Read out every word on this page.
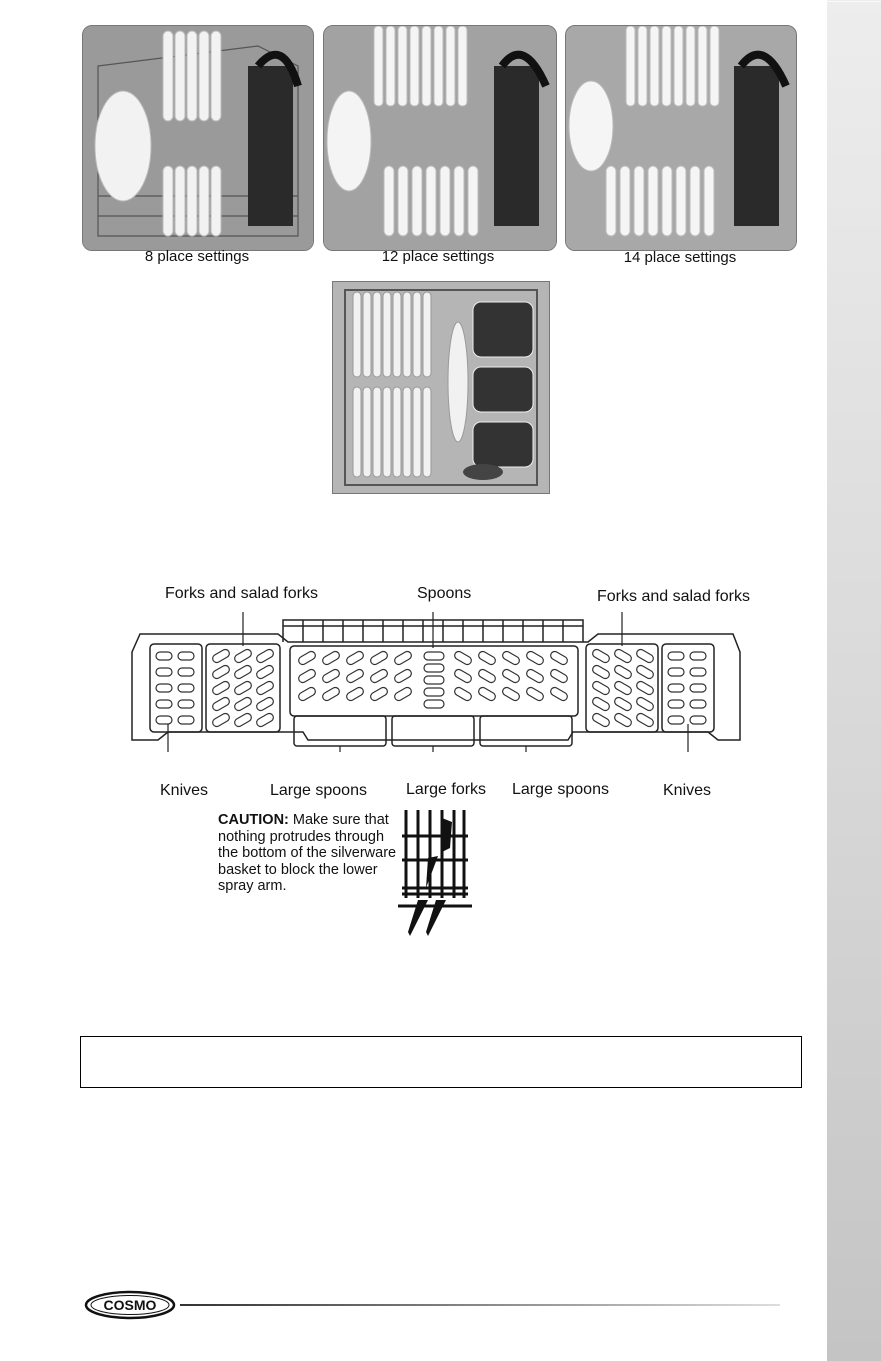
8 place settings	12 place settings	14 place settings
Forks and salad forks	Spoons	Forks and salad forks
Knives	Large spoons Large forks Large spoons	Knives
CAUTION: Make sure that nothing protrudes through the bottom of the silverware basket to block the lower spray arm.
COSMO
